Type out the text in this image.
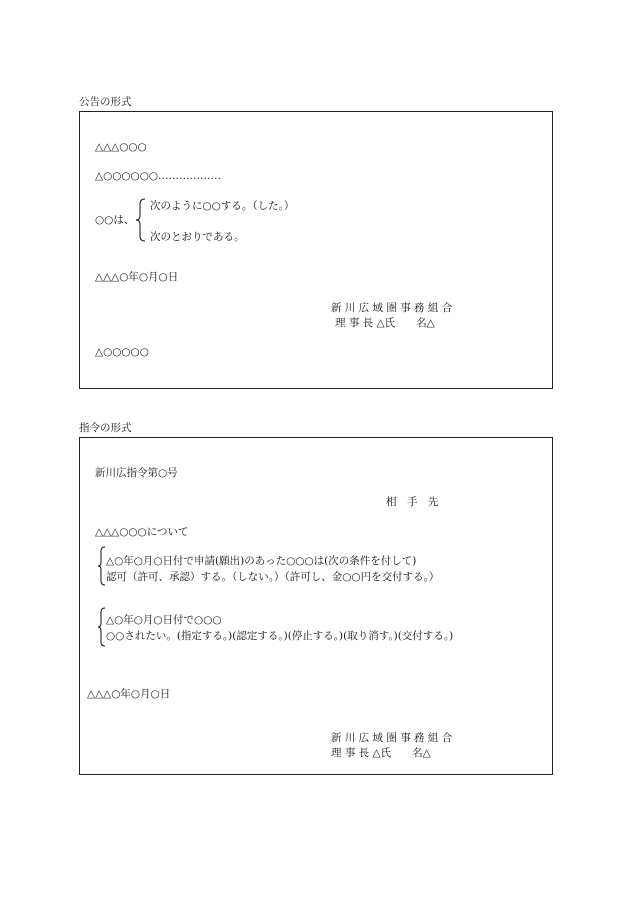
公告の形式
△△△○○○
△○○○○○○………………
○○は、
次のように○○する。（した。）
次のとおりである。
△△△○年○月○日
新 川 広 域 圏 事 務 組 合
理 事 長 △氏　　名△
△○○○○○
指令の形式
新川広指令第○号
相　手　先
△△△○○○について
△○年○月○日付で申請(願出)のあった○○○は(次の条件を付して)
認可（許可、承認）する。（しない。）（許可し、金○○円を交付する。）
△○年○月○日付で○○○
○○されたい。(指定する。)(認定する。)(停止する。)(取り消す。)(交付する。)
△△△○年○月○日
新 川 広 域 圏 事 務 組 合
理 事 長 △氏　　名△
